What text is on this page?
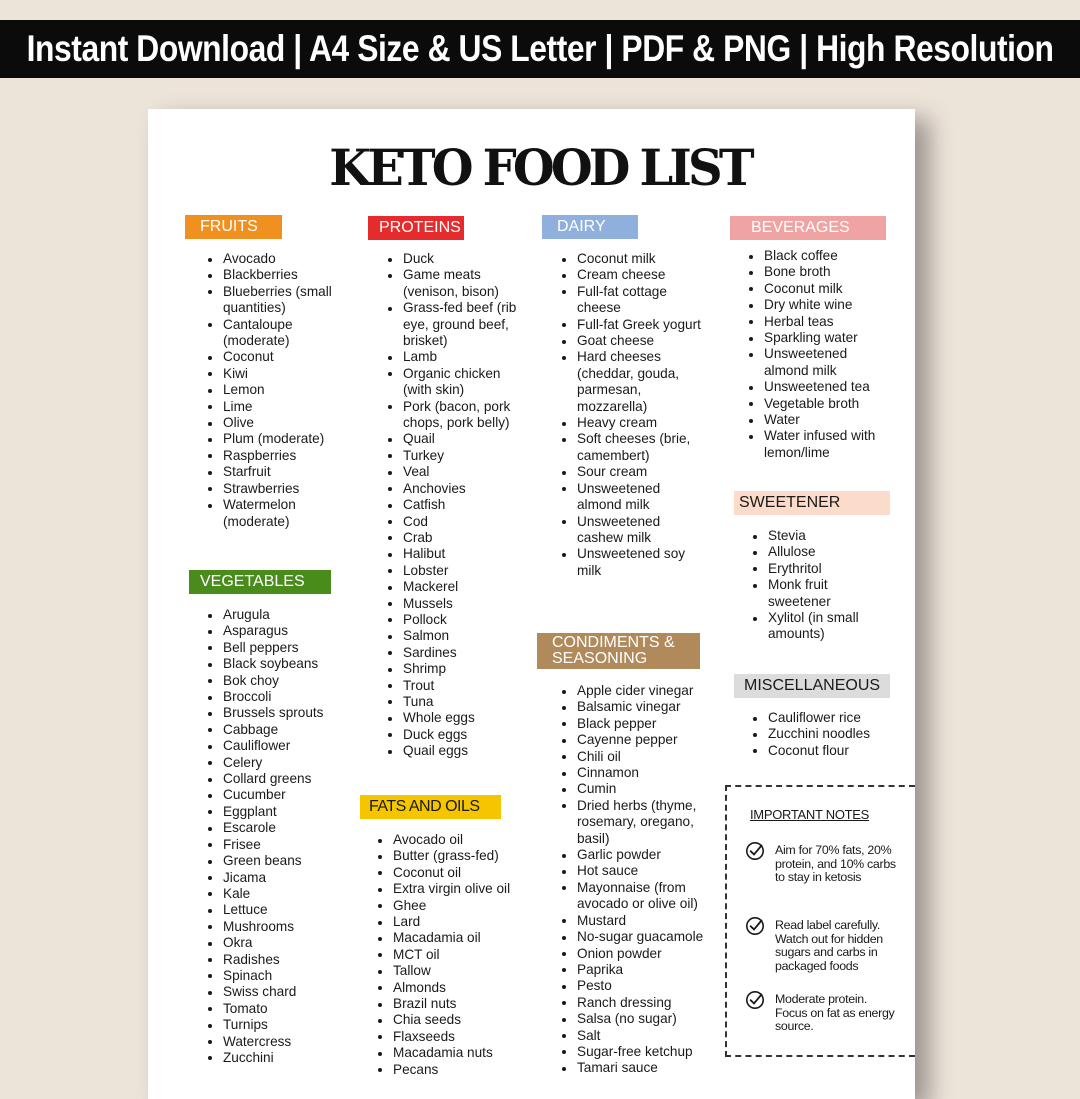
Instant Download | A4 Size & US Letter | PDF & PNG | High Resolution
KETO FOOD LIST
FRUITS
Avocado
Blackberries
Blueberries (small quantities)
Cantaloupe (moderate)
Coconut
Kiwi
Lemon
Lime
Olive
Plum (moderate)
Raspberries
Starfruit
Strawberries
Watermelon (moderate)
VEGETABLES
Arugula
Asparagus
Bell peppers
Black soybeans
Bok choy
Broccoli
Brussels sprouts
Cabbage
Cauliflower
Celery
Collard greens
Cucumber
Eggplant
Escarole
Frisee
Green beans
Jicama
Kale
Lettuce
Mushrooms
Okra
Radishes
Spinach
Swiss chard
Tomato
Turnips
Watercress
Zucchini
PROTEINS
Duck
Game meats (venison, bison)
Grass-fed beef (rib eye, ground beef, brisket)
Lamb
Organic chicken (with skin)
Pork (bacon, pork chops, pork belly)
Quail
Turkey
Veal
Anchovies
Catfish
Cod
Crab
Halibut
Lobster
Mackerel
Mussels
Pollock
Salmon
Sardines
Shrimp
Trout
Tuna
Whole eggs
Duck eggs
Quail eggs
FATS AND OILS
Avocado oil
Butter (grass-fed)
Coconut oil
Extra virgin olive oil
Ghee
Lard
Macadamia oil
MCT oil
Tallow
Almonds
Brazil nuts
Chia seeds
Flaxseeds
Macadamia nuts
Pecans
DAIRY
Coconut milk
Cream cheese
Full-fat cottage cheese
Full-fat Greek yogurt
Goat cheese
Hard cheeses (cheddar, gouda, parmesan, mozzarella)
Heavy cream
Soft cheeses (brie, camembert)
Sour cream
Unsweetened almond milk
Unsweetened cashew milk
Unsweetened soy milk
CONDIMENTS & SEASONING
Apple cider vinegar
Balsamic vinegar
Black pepper
Cayenne pepper
Chili oil
Cinnamon
Cumin
Dried herbs (thyme, rosemary, oregano, basil)
Garlic powder
Hot sauce
Mayonnaise (from avocado or olive oil)
Mustard
No-sugar guacamole
Onion powder
Paprika
Pesto
Ranch dressing
Salsa (no sugar)
Salt
Sugar-free ketchup
Tamari sauce
BEVERAGES
Black coffee
Bone broth
Coconut milk
Dry white wine
Herbal teas
Sparkling water
Unsweetened almond milk
Unsweetened tea
Vegetable broth
Water
Water infused with lemon/lime
SWEETENER
Stevia
Allulose
Erythritol
Monk fruit sweetener
Xylitol (in small amounts)
MISCELLANEOUS
Cauliflower rice
Zucchini noodles
Coconut flour
IMPORTANT NOTES
Aim for 70% fats, 20% protein, and 10% carbs to stay in ketosis
Read label carefully. Watch out for hidden sugars and carbs in packaged foods
Moderate protein. Focus on fat as energy source.
